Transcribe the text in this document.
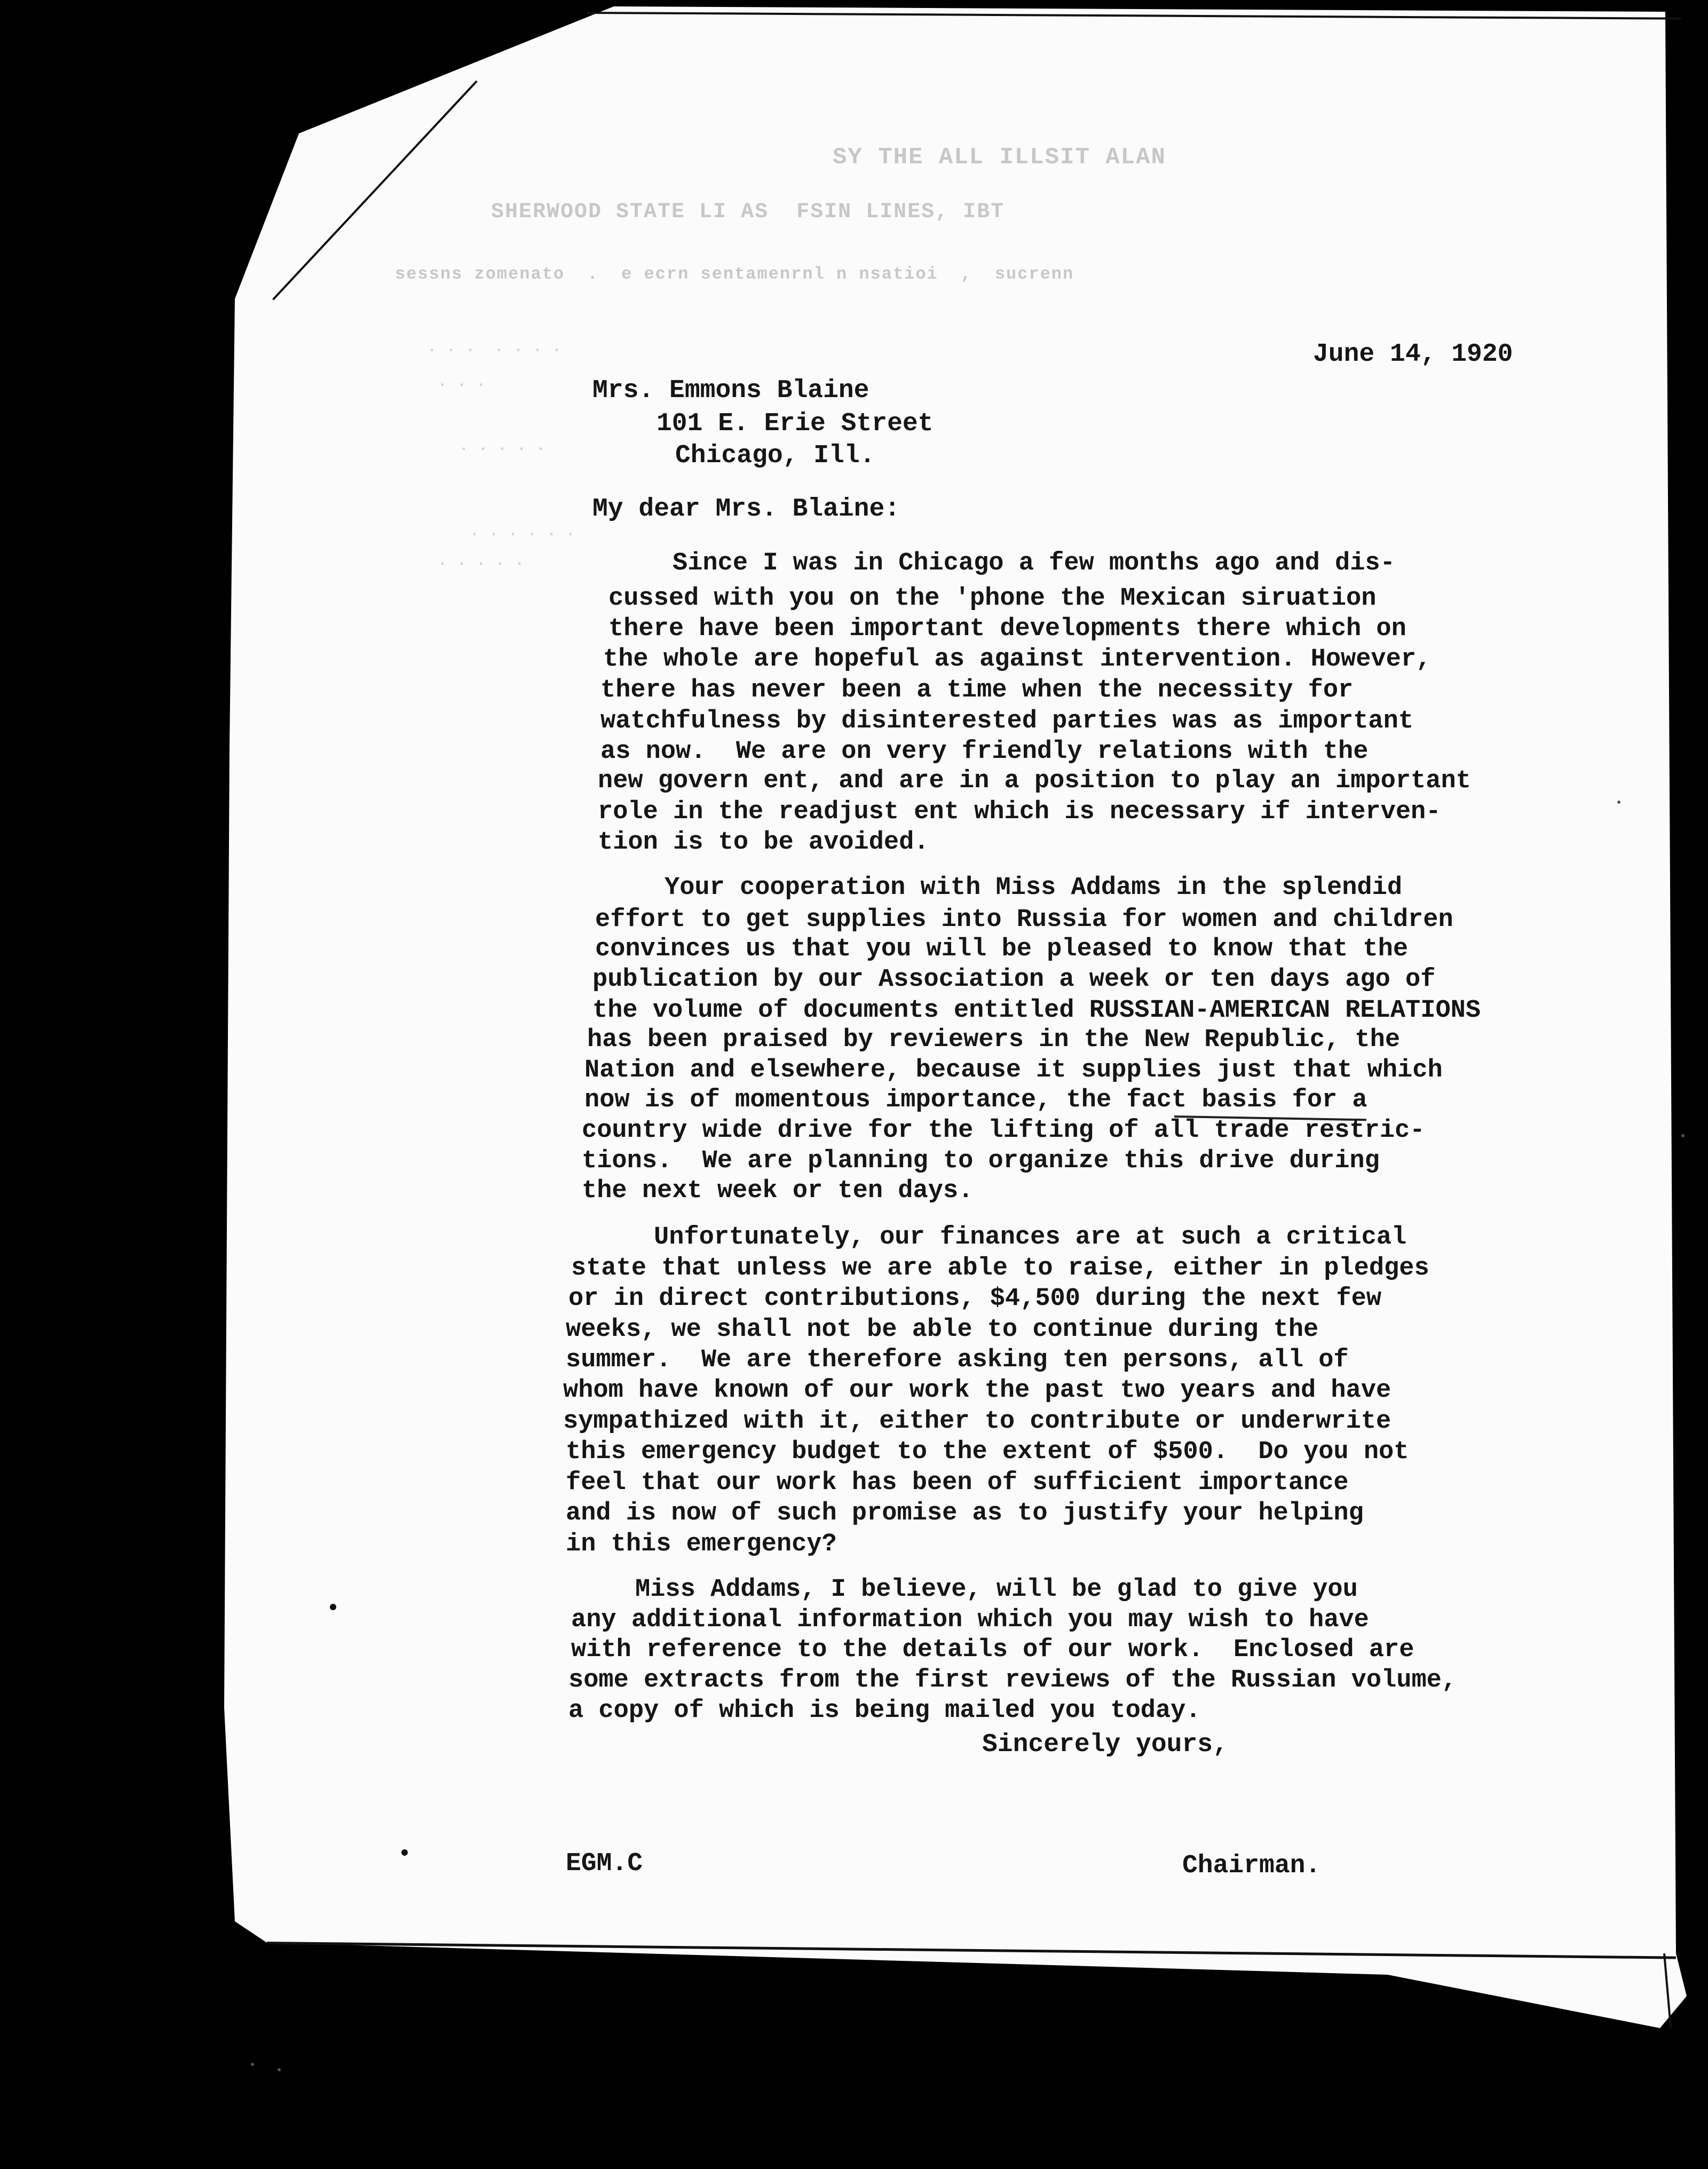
SY THE ALL ILLSIT ALAN
SHERWOOD STATE LI AS  FSIN LINES, IBT
sessns zomenato  .  e ecrn sentamenrnl n nsatioi  ,  sucrenn
June 14, 1920
Mrs. Emmons Blaine
101 E. Erie Street
Chicago, Ill.
My dear Mrs. Blaine:
Since I was in Chicago a few months ago and dis-
cussed with you on the 'phone the Mexican siruation
there have been important developments there which on
the whole are hopeful as against intervention. However,
there has never been a time when the necessity for
watchfulness by disinterested parties was as important
as now.  We are on very friendly relations with the
new govern ent, and are in a position to play an important
role in the readjust ent which is necessary if interven-
tion is to be avoided.
Your cooperation with Miss Addams in the splendid
effort to get supplies into Russia for women and children
convinces us that you will be pleased to know that the
publication by our Association a week or ten days ago of
the volume of documents entitled RUSSIAN-AMERICAN RELATIONS
has been praised by reviewers in the New Republic, the
Nation and elsewhere, because it supplies just that which
now is of momentous importance, the fact basis for a
country wide drive for the lifting of all trade restric-
tions.  We are planning to organize this drive during
the next week or ten days.
Unfortunately, our finances are at such a critical
state that unless we are able to raise, either in pledges
or in direct contributions, $4,500 during the next few
weeks, we shall not be able to continue during the
summer.  We are therefore asking ten persons, all of
whom have known of our work the past two years and have
sympathized with it, either to contribute or underwrite
this emergency budget to the extent of $500.  Do you not
feel that our work has been of sufficient importance
and is now of such promise as to justify your helping
in this emergency?
Miss Addams, I believe, will be glad to give you
any additional information which you may wish to have
with reference to the details of our work.  Enclosed are
some extracts from the first reviews of the Russian volume,
a copy of which is being mailed you today.
Sincerely yours,
EGM.C	Chairman.
· · ·  · · · ·
· · ·
· · · · ·
· · · · · ·
· · · · ·
